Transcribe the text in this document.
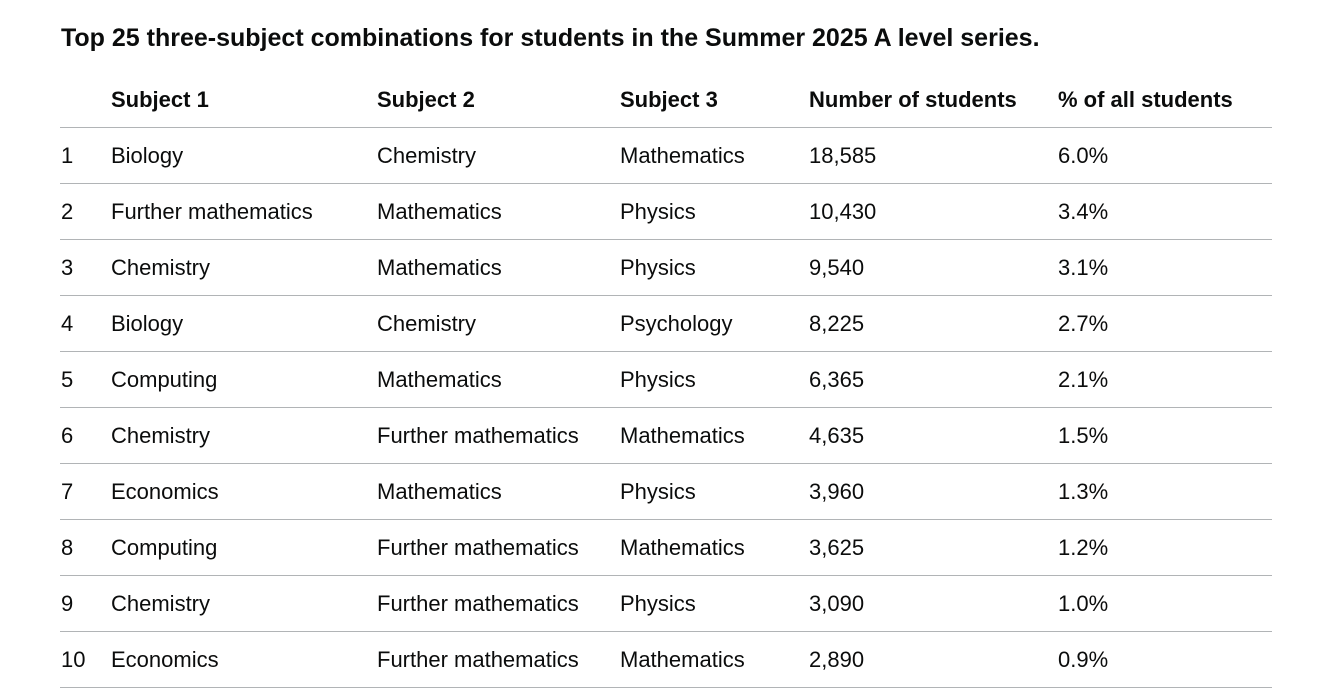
Top 25 three-subject combinations for students in the Summer 2025 A level series.
	Subject 1	Subject 2	Subject 3	Number of students	% of all students
1	Biology	Chemistry	Mathematics	18,585	6.0%
2	Further mathematics	Mathematics	Physics	10,430	3.4%
3	Chemistry	Mathematics	Physics	9,540	3.1%
4	Biology	Chemistry	Psychology	8,225	2.7%
5	Computing	Mathematics	Physics	6,365	2.1%
6	Chemistry	Further mathematics	Mathematics	4,635	1.5%
7	Economics	Mathematics	Physics	3,960	1.3%
8	Computing	Further mathematics	Mathematics	3,625	1.2%
9	Chemistry	Further mathematics	Physics	3,090	1.0%
10	Economics	Further mathematics	Mathematics	2,890	0.9%
